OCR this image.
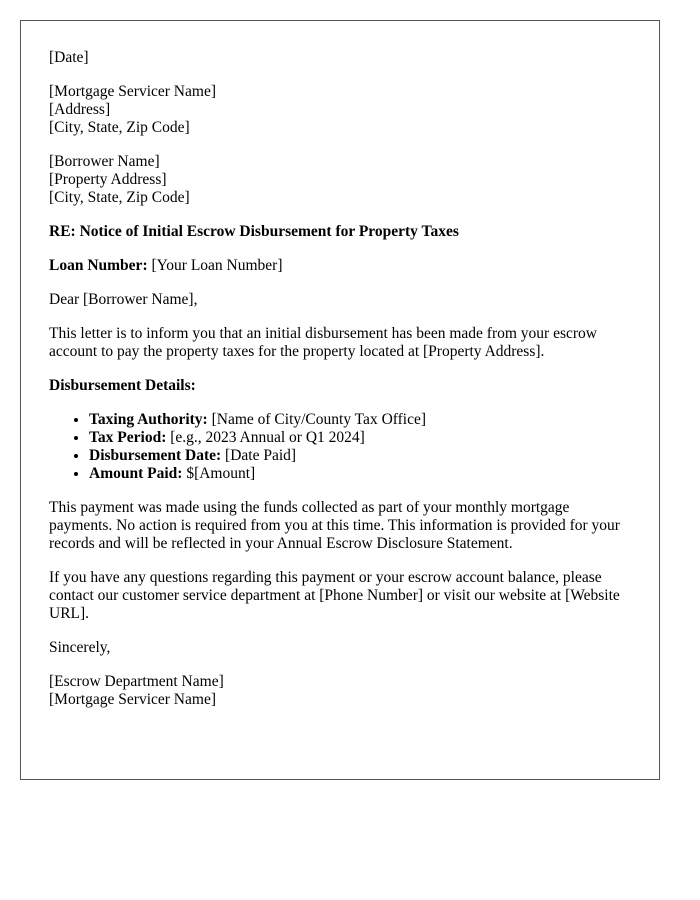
[Date]

[Mortgage Servicer Name]
[Address]
[City, State, Zip Code]
[Borrower Name]
[Property Address]
[City, State, Zip Code]

RE: Notice of Initial Escrow Disbursement for Property Taxes

Loan Number: [Your Loan Number]

Dear [Borrower Name],

This letter is to inform you that an initial disbursement has been made from your escrow account to pay the property taxes for the property located at [Property Address].

Disbursement Details:

• Taxing Authority: [Name of City/County Tax Office]
• Tax Period: [e.g., 2023 Annual or Q1 2024]
• Disbursement Date: [Date Paid]
• Amount Paid: $[Amount]

This payment was made using the funds collected as part of your monthly mortgage payments. No action is required from you at this time. This information is provided for your records and will be reflected in your Annual Escrow Disclosure Statement.

If you have any questions regarding this payment or your escrow account balance, please contact our customer service department at [Phone Number] or visit our website at [Website URL].

Sincerely,

[Escrow Department Name]
[Mortgage Servicer Name]
